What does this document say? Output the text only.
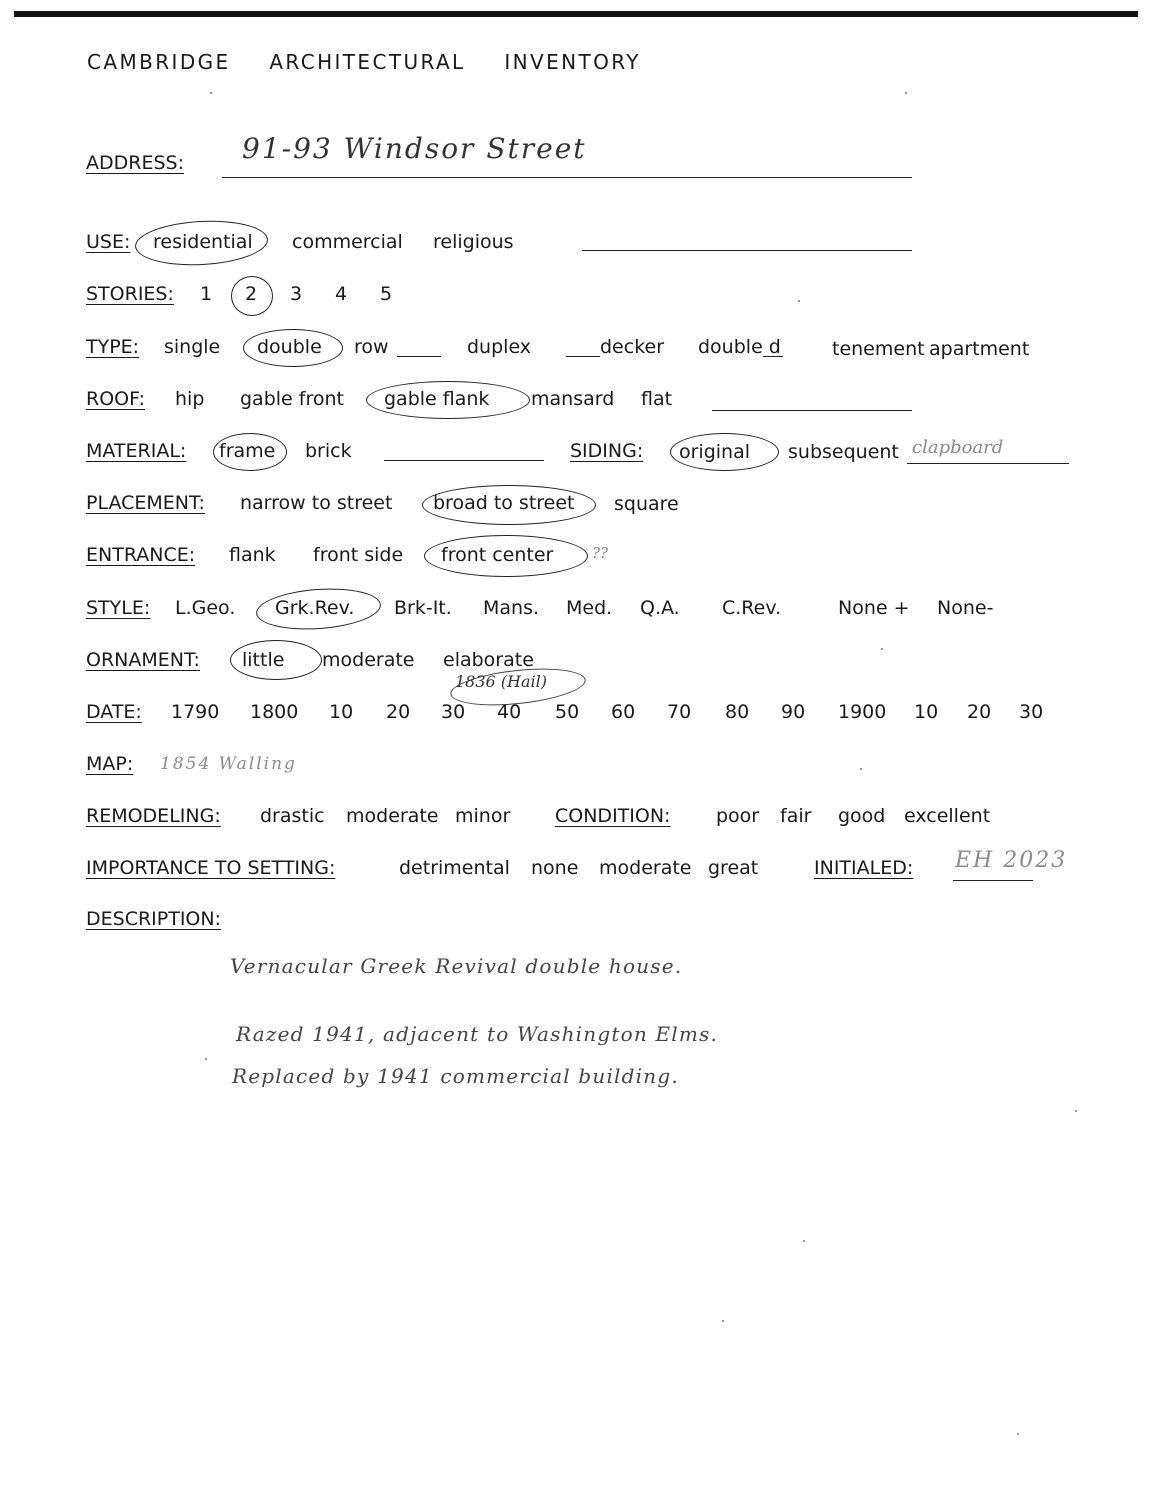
CAMBRIDGE ARCHITECTURAL INVENTORY
ADDRESS: 91-93 Windsor Street
USE: residential commercial religious
STORIES: 1 2 3 4 5
TYPE: single double row	duplex	decker double d	tenement apartment
ROOF: hip gable front gable flank mansard flat
MATERIAL: frame brick	SIDING: original subsequent clapboard
PLACEMENT: narrow to street broad to street square
ENTRANCE: flank front side front center	??
STYLE: L.Geo. Grk.Rev. Brk-It. Mans. Med. Q.A. C.Rev.	None + None-
ORNAMENT: little moderate elaborate
1836 (Hail)
DATE: 1790 1800 10 20 30 40 50 60 70 80 90 1900 10 20 30
MAP: 1854 Walling
REMODELING: drastic moderate minor CONDITION: poor fair good excellent
IMPORTANCE TO SETTING:	detrimental none moderate great	INITIALED: EH 2023
DESCRIPTION:
Vernacular Greek Revival double house.
Razed 1941, adjacent to Washington Elms.
Replaced by 1941 commercial building.
